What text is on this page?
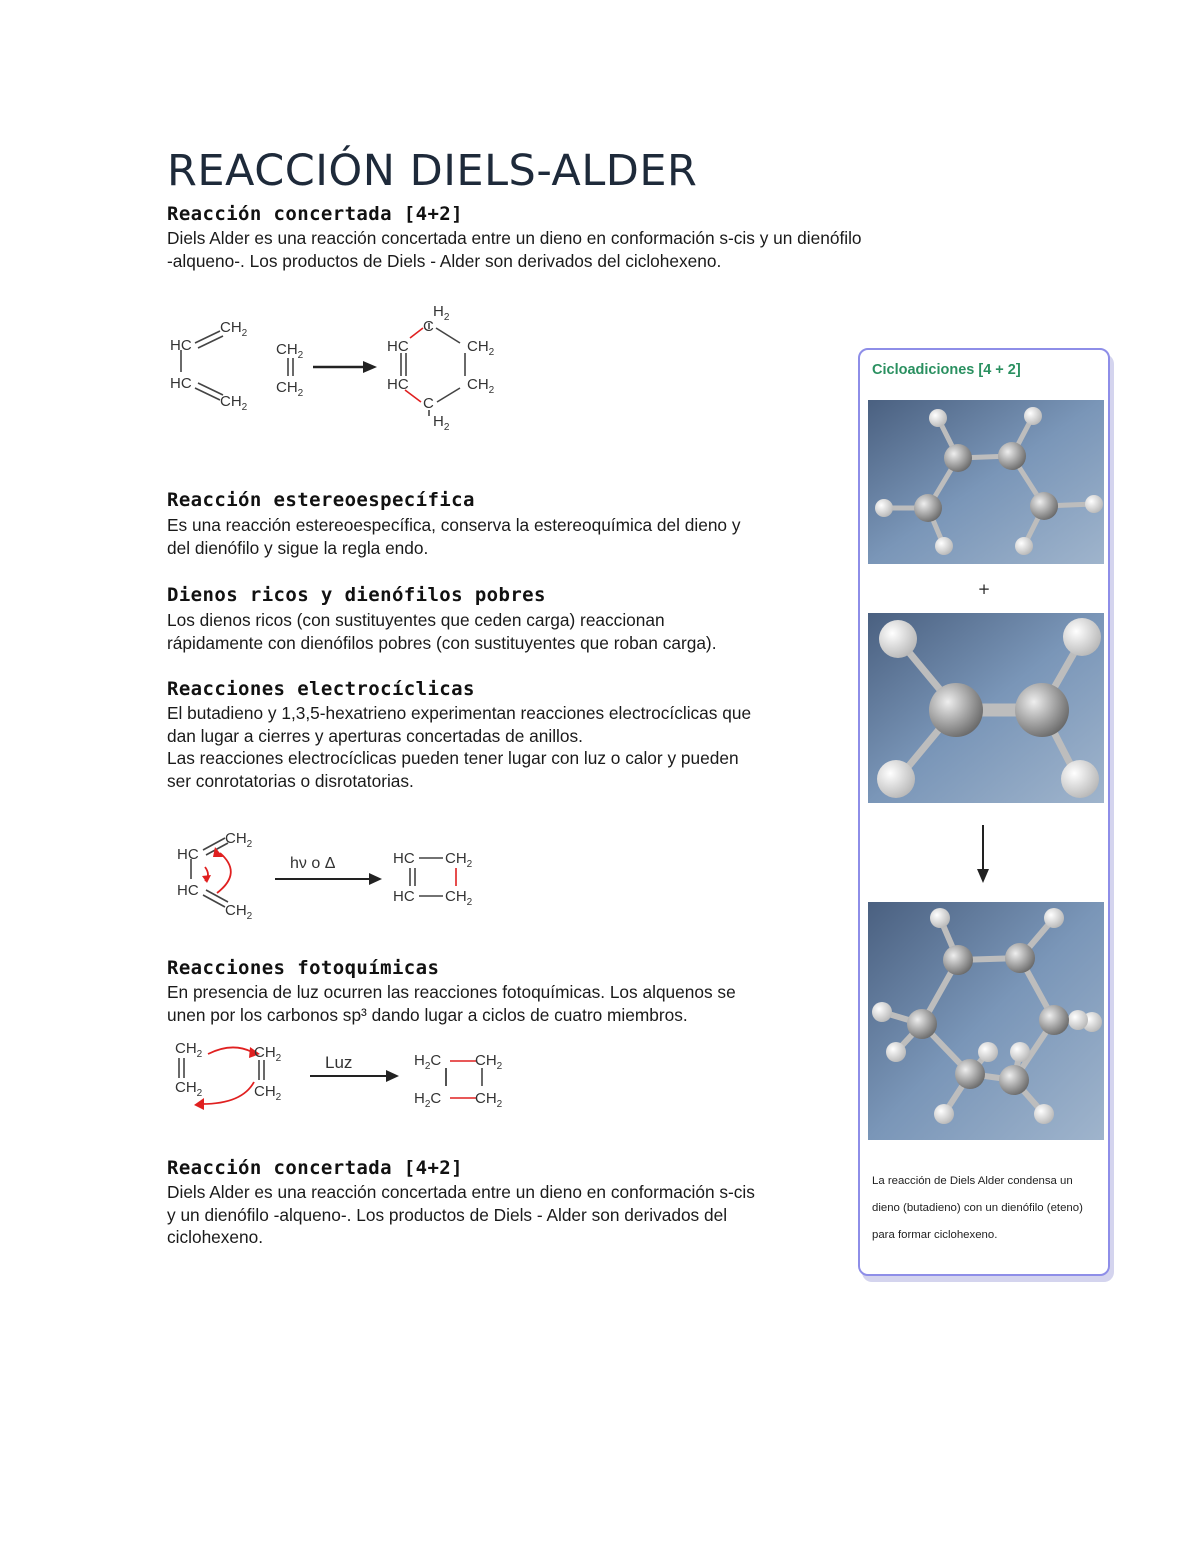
REACCIÓN DIELS-ALDER
Reacción concertada [4+2]
Diels Alder es una reacción concertada entre un dieno en conformación s-cis y un dienófilo
-alqueno-. Los productos de Diels - Alder son derivados del ciclohexeno.
HC
$CH_2$
HC
$CH_2$
$CH_2$
$CH_2$
$H_2$
C
HC	$CH_2$
HC	$CH_2$
C
$H_2$
Reacción estereoespecífica
Es una reacción estereoespecífica, conserva la estereoquímica del dieno y
del dienófilo y sigue la regla endo.
Dienos ricos y dienófilos pobres
Los dienos ricos (con sustituyentes que ceden carga) reaccionan
rápidamente con dienófilos pobres (con sustituyentes que roban carga).
Reacciones electrocíclicas
El butadieno y 1,3,5-hexatrieno experimentan reacciones electrocíclicas que
dan lugar a cierres y aperturas concertadas de anillos.
Las reacciones electrocíclicas pueden tener lugar con luz o calor y pueden
ser conrotatorias o disrotatorias.
hν o Δ
HC
$CH_2$
HC
$CH_2$
HC $CH_2$
HC $CH_2$
Reacciones fotoquímicas
En presencia de luz ocurren las reacciones fotoquímicas. Los alquenos se
unen por los carbonos sp³ dando lugar a ciclos de cuatro miembros.
Luz
$CH_2$
$CH_2$
$CH_2$
$CH_2$
$H_2C$ $CH_2$
$H_2C$ $CH_2$
Reacción concertada [4+2]
Diels Alder es una reacción concertada entre un dieno en conformación s-cis
y un dienófilo -alqueno-. Los productos de Diels - Alder son derivados del
ciclohexeno.
Cicloadiciones [4 + 2]
+
La reacción de Diels Alder condensa un dieno (butadieno) con un dienófilo (eteno) para formar ciclohexeno.
